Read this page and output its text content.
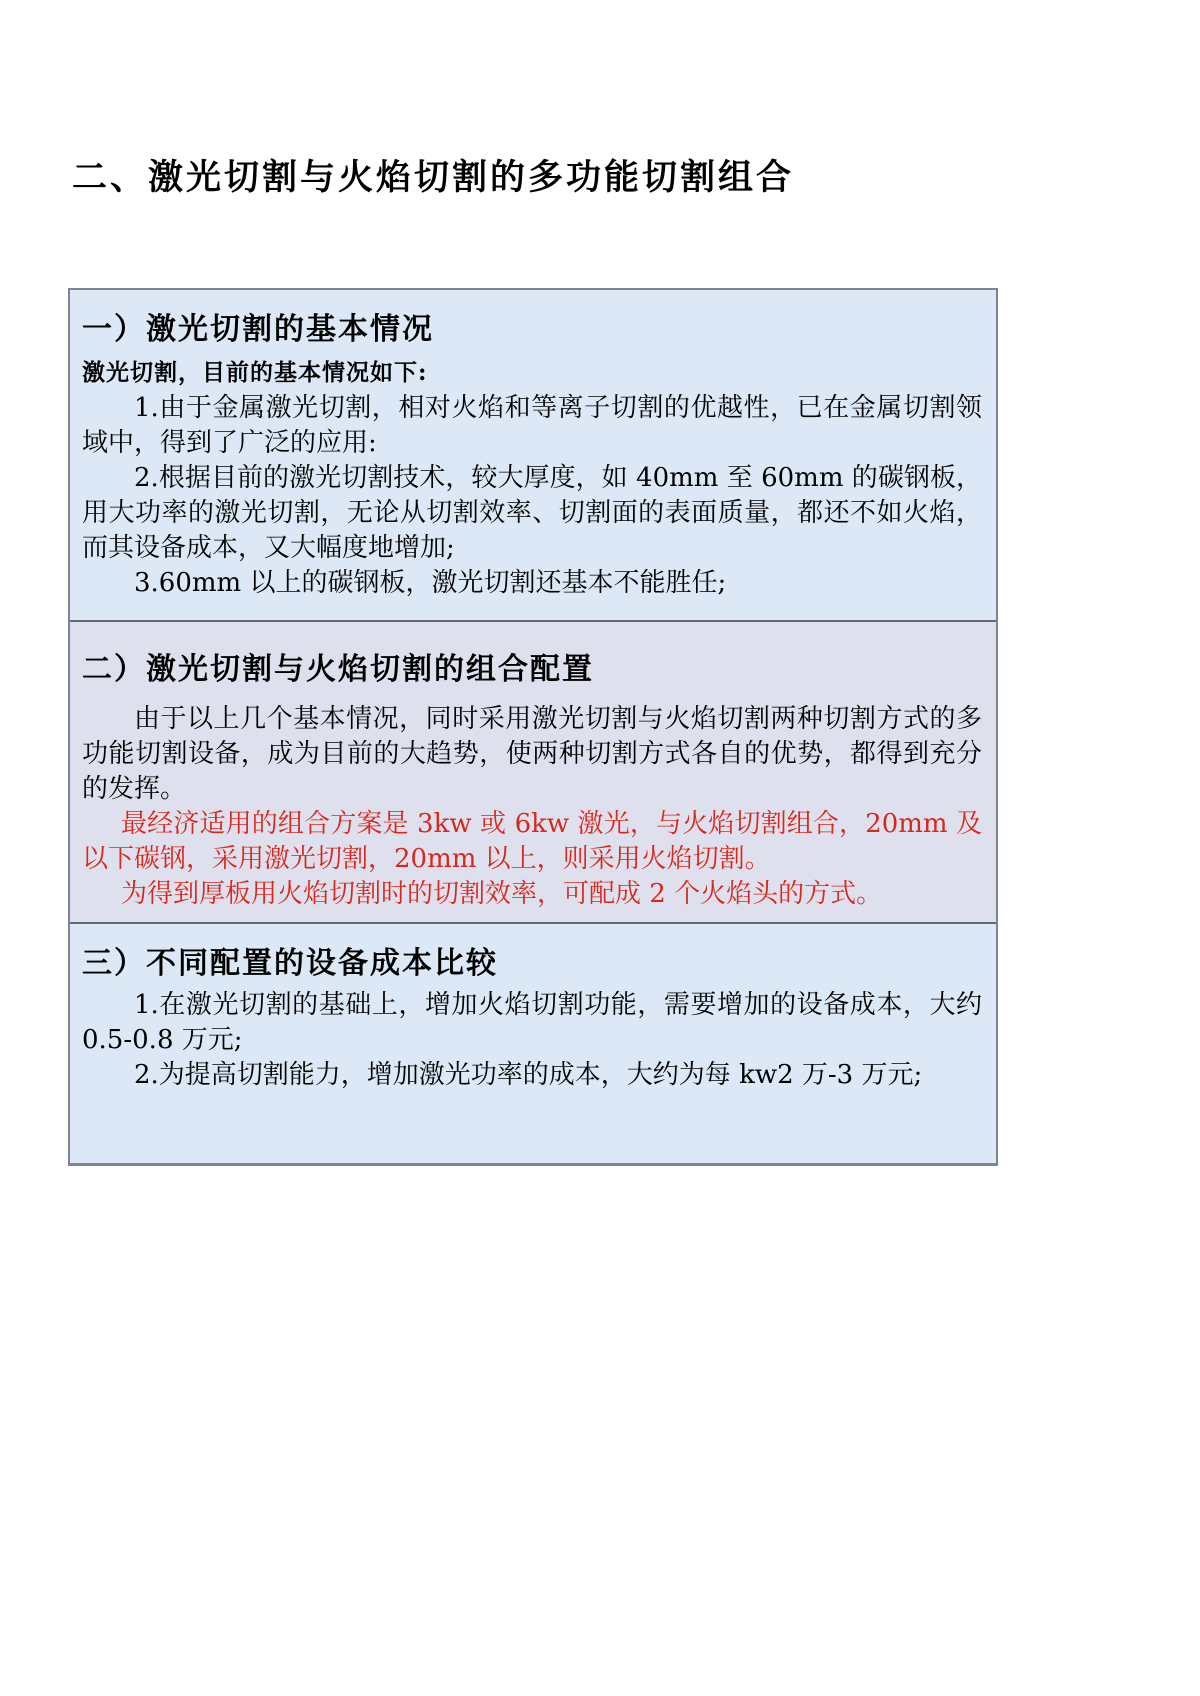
二、激光切割与火焰切割的多功能切割组合
一）激光切割的基本情况

激光切割，目前的基本情况如下:

1.由于金属激光切割，相对火焰和等离子切割的优越性，已在金属切割领域中，得到了广泛的应用:

2.根据目前的激光切割技术，较大厚度，如 40mm 至 60mm 的碳钢板，用大功率的激光切割，无论从切割效率、切割面的表面质量，都还不如火焰，而其设备成本，又大幅度地增加;

3.60mm 以上的碳钢板，激光切割还基本不能胜任;

二）激光切割与火焰切割的组合配置

由于以上几个基本情况，同时采用激光切割与火焰切割两种切割方式的多功能切割设备，成为目前的大趋势，使两种切割方式各自的优势，都得到充分的发挥。

最经济适用的组合方案是 3kw 或 6kw 激光，与火焰切割组合，20mm 及以下碳钢，采用激光切割，20mm 以上，则采用火焰切割。

为得到厚板用火焰切割时的切割效率，可配成 2 个火焰头的方式。

三）不同配置的设备成本比较

1.在激光切割的基础上，增加火焰切割功能，需要增加的设备成本，大约0.5-0.8 万元;

2.为提高切割能力，增加激光功率的成本，大约为每 kw2 万-3 万元;
